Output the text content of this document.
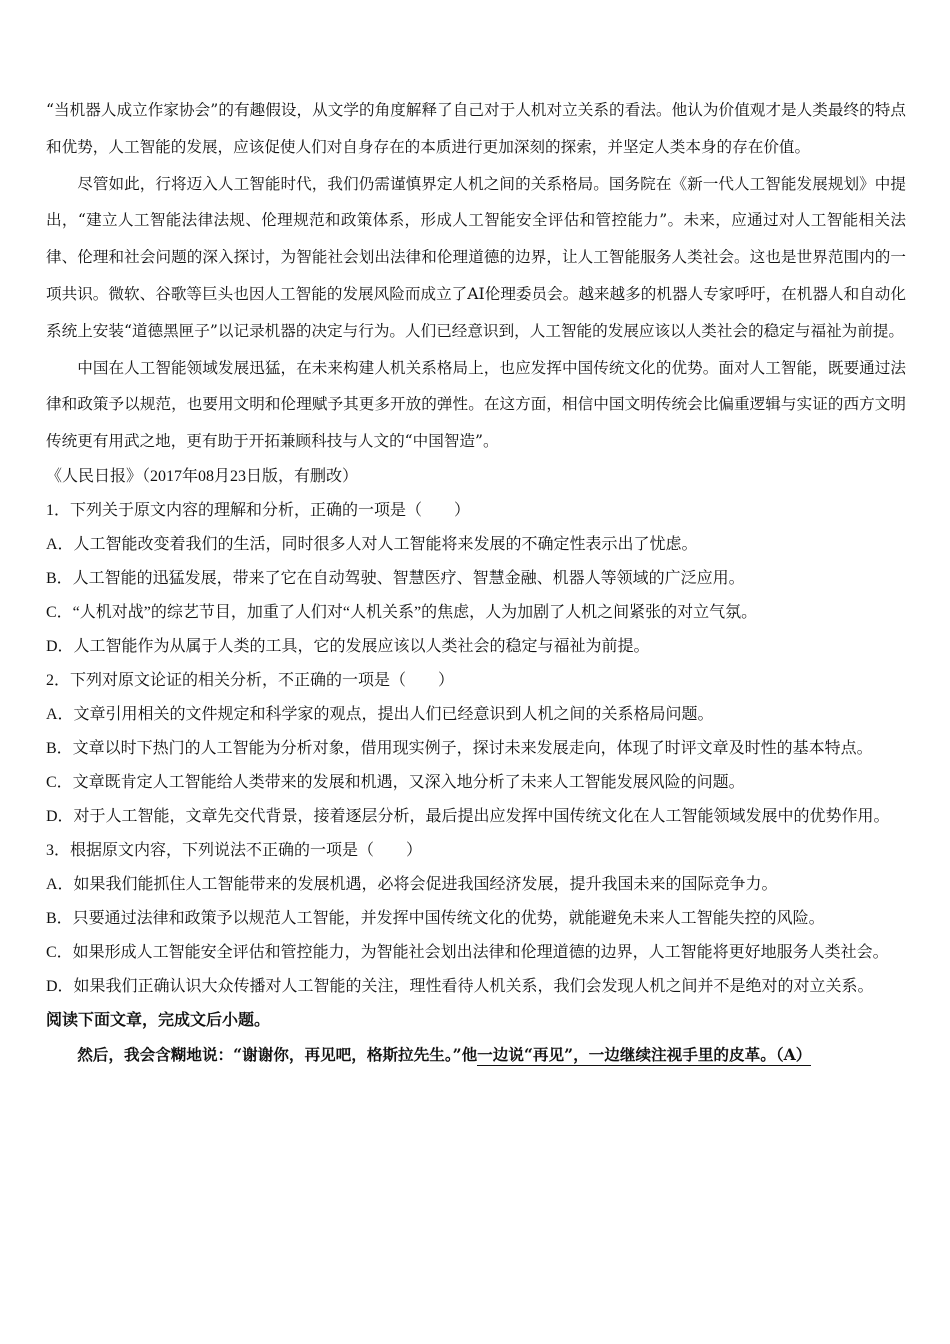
“当机器人成立作家协会”的有趣假设，从文学的角度解释了自己对于人机对立关系的看法。他认为价值观才是人类最终的特点和优势，人工智能的发展，应该促使人们对自身存在的本质进行更加深刻的探索，并坚定人类本身的存在价值。

尽管如此，行将迈入人工智能时代，我们仍需谨慎界定人机之间的关系格局。国务院在《新一代人工智能发展规划》中提出，“建立人工智能法律法规、伦理规范和政策体系，形成人工智能安全评估和管控能力”。未来，应通过对人工智能相关法律、伦理和社会问题的深入探讨，为智能社会划出法律和伦理道德的边界，让人工智能服务人类社会。这也是世界范围内的一项共识。微软、谷歌等巨头也因人工智能的发展风险而成立了AI伦理委员会。越来越多的机器人专家呼吁，在机器人和自动化系统上安装“道德黑匣子”以记录机器的决定与行为。人们已经意识到，人工智能的发展应该以人类社会的稳定与福祉为前提。

中国在人工智能领域发展迅猛，在未来构建人机关系格局上，也应发挥中国传统文化的优势。面对人工智能，既要通过法律和政策予以规范，也要用文明和伦理赋予其更多开放的弹性。在这方面，相信中国文明传统会比偏重逻辑与实证的西方文明传统更有用武之地，更有助于开拓兼顾科技与人文的“中国智造”。

《人民日报》（2017年08月23日版，有删改）

1．下列关于原文内容的理解和分析，正确的一项是（　　）

A．人工智能改变着我们的生活，同时很多人对人工智能将来发展的不确定性表示出了忧虑。

B．人工智能的迅猛发展，带来了它在自动驾驶、智慧医疗、智慧金融、机器人等领域的广泛应用。

C．“人机对战”的综艺节目，加重了人们对“人机关系”的焦虑，人为加剧了人机之间紧张的对立气氛。

D．人工智能作为从属于人类的工具，它的发展应该以人类社会的稳定与福祉为前提。

2．下列对原文论证的相关分析，不正确的一项是（　　）

A．文章引用相关的文件规定和科学家的观点，提出人们已经意识到人机之间的关系格局问题。

B．文章以时下热门的人工智能为分析对象，借用现实例子，探讨未来发展走向，体现了时评文章及时性的基本特点。

C．文章既肯定人工智能给人类带来的发展和机遇，又深入地分析了未来人工智能发展风险的问题。

D．对于人工智能，文章先交代背景，接着逐层分析，最后提出应发挥中国传统文化在人工智能领域发展中的优势作用。

3．根据原文内容，下列说法不正确的一项是（　　）

A．如果我们能抓住人工智能带来的发展机遇，必将会促进我国经济发展，提升我国未来的国际竞争力。

B．只要通过法律和政策予以规范人工智能，并发挥中国传统文化的优势，就能避免未来人工智能失控的风险。

C．如果形成人工智能安全评估和管控能力，为智能社会划出法律和伦理道德的边界，人工智能将更好地服务人类社会。

D．如果我们正确认识大众传播对人工智能的关注，理性看待人机关系，我们会发现人机之间并不是绝对的对立关系。

阅读下面文章，完成文后小题。

然后，我会含糊地说：“谢谢你，再见吧，格斯拉先生。”他一边说“再见”，一边继续注视手里的皮革。（A）
